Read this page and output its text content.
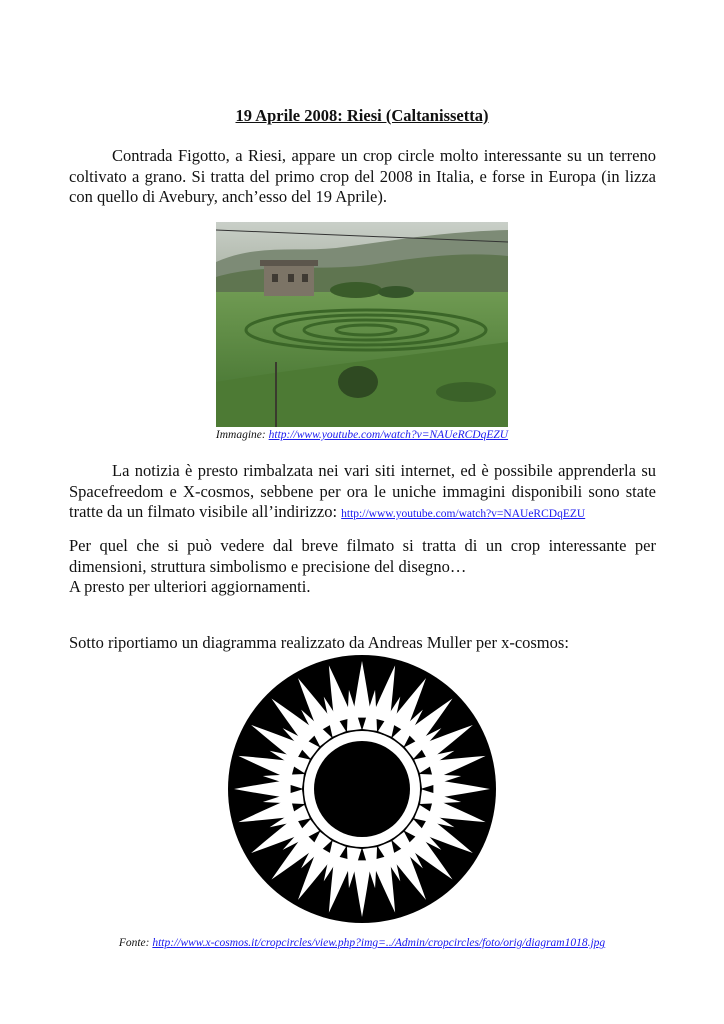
19 Aprile 2008: Riesi (Caltanissetta)

Contrada Figotto, a Riesi, appare un crop circle molto interessante su un terreno coltivato a grano. Si tratta del primo crop del 2008 in Italia, e forse in Europa (in lizza con quello di Avebury, anch’esso del 19 Aprile).

Immagine: http://www.youtube.com/watch?v=NAUeRCDqEZU

La notizia è presto rimbalzata nei vari siti internet, ed è possibile apprenderla su Spacefreedom e X-cosmos, sebbene per ora le uniche immagini disponibili sono state tratte da un filmato visibile all’indirizzo: http://www.youtube.com/watch?v=NAUeRCDqEZU

Per quel che si può vedere dal breve filmato si tratta di un crop interessante per dimensioni, struttura simbolismo e precisione del disegno…
A presto per ulteriori aggiornamenti.

Sotto riportiamo un diagramma realizzato da Andreas Muller per x-cosmos:

Fonte: http://www.x-cosmos.it/cropcircles/view.php?img=../Admin/cropcircles/foto/orig/diagram1018.jpg
